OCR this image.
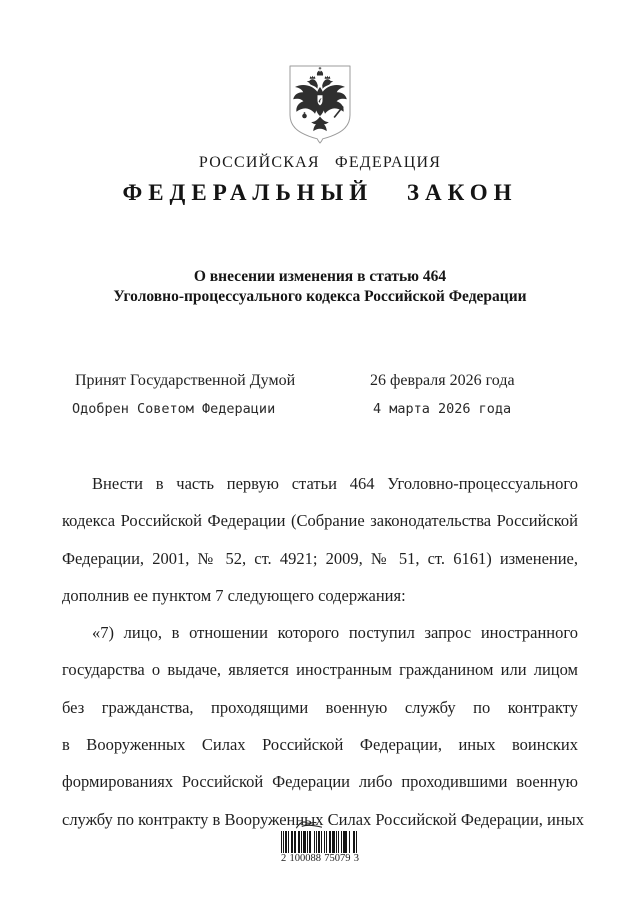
РОССИЙСКАЯ ФЕДЕРАЦИЯ
ФЕДЕРАЛЬНЫЙ ЗАКОН
О внесении изменения в статью 464
Уголовно-процессуального кодекса Российской Федерации
Принят Государственной Думой	26 февраля 2026 года
Одобрен Советом Федерации	4 марта 2026 года
Внести в часть первую статьи 464 Уголовно-процессуального
кодекса Российской Федерации (Собрание законодательства Российской
Федерации, 2001, № 52, ст. 4921; 2009, № 51, ст. 6161) изменение,
дополнив ее пунктом 7 следующего содержания:
«7) лицо, в отношении которого поступил запрос иностранного
государства о выдаче, является иностранным гражданином или лицом
без гражданства, проходящими военную службу по контракту
в Вооруженных Силах Российской Федерации, иных воинских
формированиях Российской Федерации либо проходившими военную
службу по контракту в Вооруженных Силах Российской Федерации, иных
2 100088 75079 3
